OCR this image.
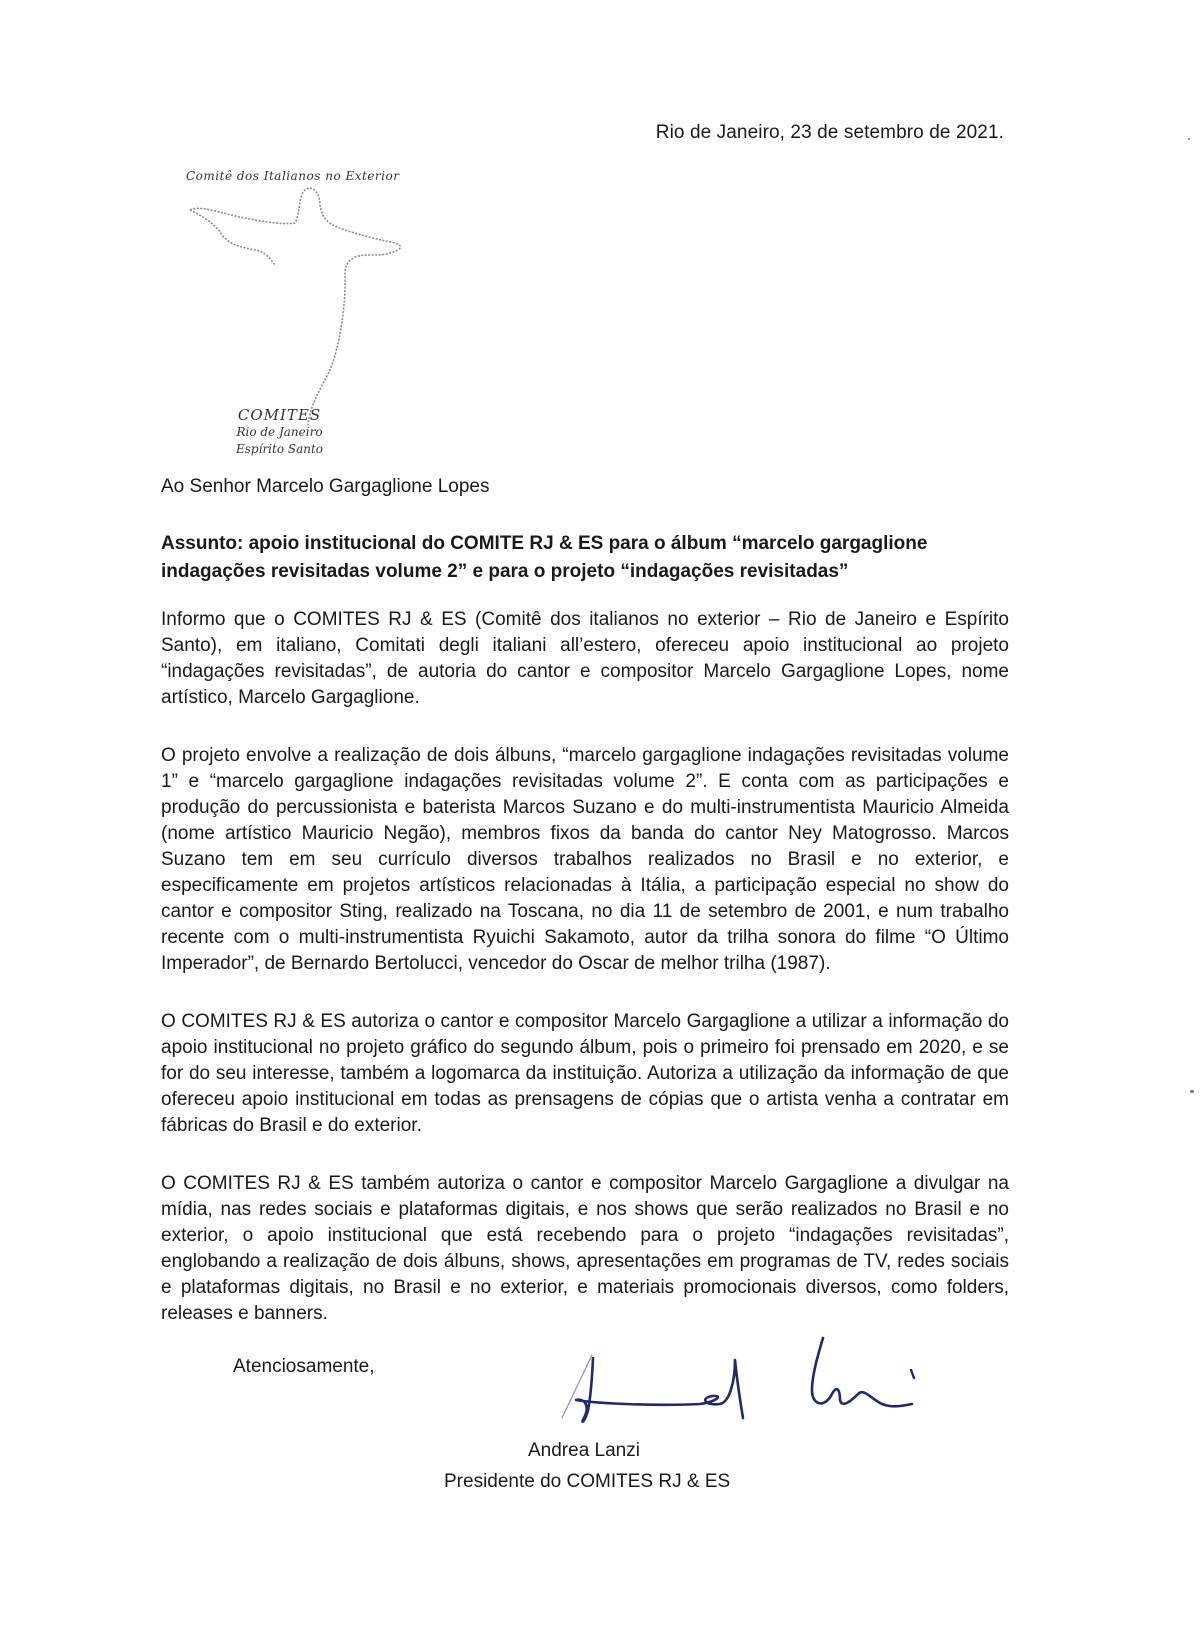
Rio de Janeiro, 23 de setembro de 2021.
Comitê dos Italianos no Exterior
COMITES
Rio de Janeiro
Espírito Santo
Ao Senhor Marcelo Gargaglione Lopes
Assunto: apoio institucional do COMITE RJ & ES para o álbum “marcelo gargaglione indagações revisitadas volume 2” e para o projeto “indagações revisitadas”

Informo que o COMITES RJ & ES (Comitê dos italianos no exterior – Rio de Janeiro e Espírito Santo), em italiano, Comitati degli italiani all’estero, ofereceu apoio institucional ao projeto “indagações revisitadas”, de autoria do cantor e compositor Marcelo Gargaglione Lopes, nome artístico, Marcelo Gargaglione.

O projeto envolve a realização de dois álbuns, “marcelo gargaglione indagações revisitadas volume 1” e “marcelo gargaglione indagações revisitadas volume 2”. E conta com as participações e produção do percussionista e baterista Marcos Suzano e do multi-instrumentista Mauricio Almeida (nome artístico Mauricio Negão), membros fixos da banda do cantor Ney Matogrosso. Marcos Suzano tem em seu currículo diversos trabalhos realizados no Brasil e no exterior, e especificamente em projetos artísticos relacionadas à Itália, a participação especial no show do cantor e compositor Sting, realizado na Toscana, no dia 11 de setembro de 2001, e num trabalho recente com o multi-instrumentista Ryuichi Sakamoto, autor da trilha sonora do filme “O Último Imperador”, de Bernardo Bertolucci, vencedor do Oscar de melhor trilha (1987).

O COMITES RJ & ES autoriza o cantor e compositor Marcelo Gargaglione a utilizar a informação do apoio institucional no projeto gráfico do segundo álbum, pois o primeiro foi prensado em 2020, e se for do seu interesse, também a logomarca da instituição. Autoriza a utilização da informação de que ofereceu apoio institucional em todas as prensagens de cópias que o artista venha a contratar em fábricas do Brasil e do exterior.

O COMITES RJ & ES também autoriza o cantor e compositor Marcelo Gargaglione a divulgar na mídia, nas redes sociais e plataformas digitais, e nos shows que serão realizados no Brasil e no exterior, o apoio institucional que está recebendo para o projeto “indagações revisitadas”, englobando a realização de dois álbuns, shows, apresentações em programas de TV, redes sociais e plataformas digitais, no Brasil e no exterior, e materiais promocionais diversos, como folders, releases e banners.

Atenciosamente,
Andrea Lanzi
Presidente do COMITES RJ & ES
